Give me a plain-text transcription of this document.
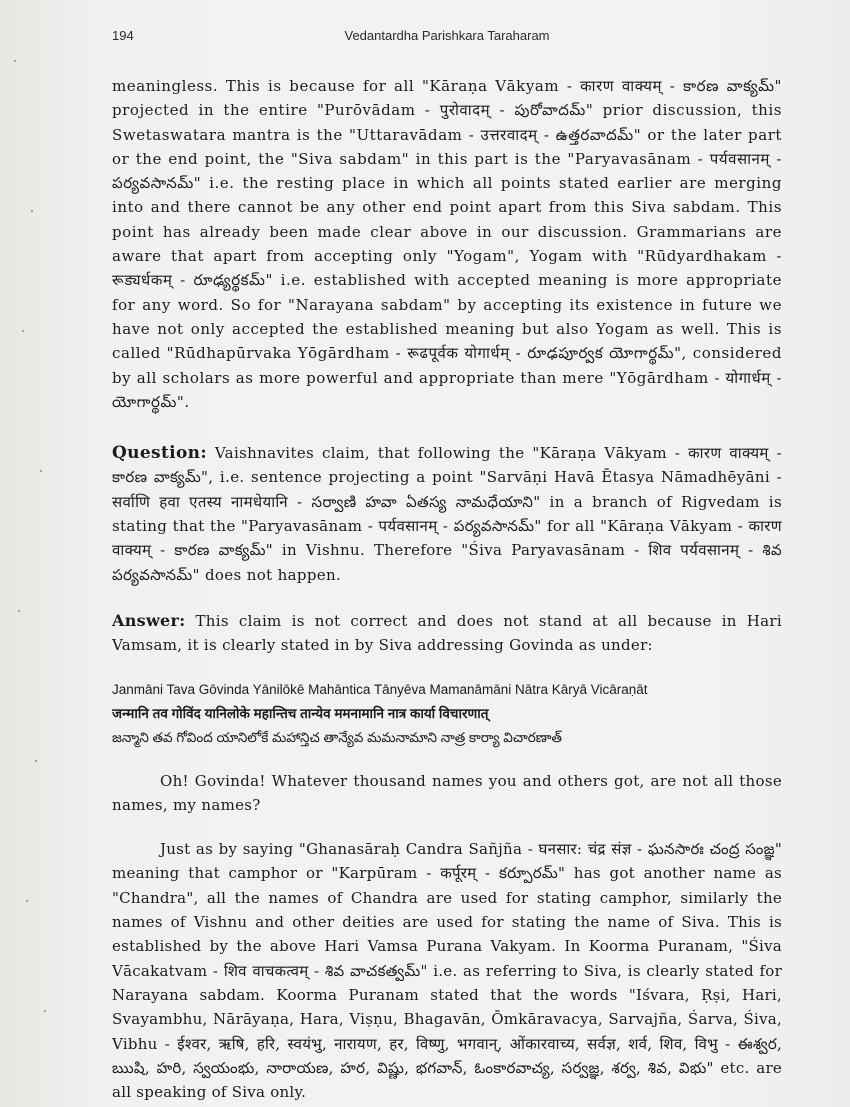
194	Vedantardha Parishkara Taraharam

meaningless. This is because for all "Kāraṇa Vākyam - कारण वाक्यम् - కారణ వాక్యమ్" projected in the entire "Purōvādam - पुरोवादम् - పురోవాదమ్" prior discussion, this Swetaswatara mantra is the "Uttaravādam - उत्तरवादम् - ఉత్తరవాదమ్" or the later part or the end point, the "Siva sabdam" in this part is the "Paryavasānam - पर्यवसानम् - పర్యవసానమ్" i.e. the resting place in which all points stated earlier are merging into and there cannot be any other end point apart from this Siva sabdam. This point has already been made clear above in our discussion. Grammarians are aware that apart from accepting only "Yogam", Yogam with "Rūdyardhakam - रूड्यर्धकम् - రూఢ్యర్థకమ్" i.e. established with accepted meaning is more appropriate for any word. So for "Narayana sabdam" by accepting its existence in future we have not only accepted the established meaning but also Yogam as well. This is called "Rūdhapūrvaka Yōgārdham - रूढपूर्वक योगार्धम् - రూఢపూర్వక యోగార్థమ్", considered by all scholars as more powerful and appropriate than mere "Yōgārdham - योगार्धम् - యోగార్థమ్".

Question: Vaishnavites claim, that following the "Kāraṇa Vākyam - कारण वाक्यम् - కారణ వాక్యమ్", i.e. sentence projecting a point "Sarvāṇi Havā Ētasya Nāmadhēyāni - सर्वाणि हवा एतस्य नामधेयानि - సర్వాణి హవా ఏతస్య నామధేయాని" in a branch of Rigvedam is stating that the "Paryavasānam - पर्यवसानम् - పర్యవసానమ్" for all "Kāraṇa Vākyam - कारण वाक्यम् - కారణ వాక్యమ్" in Vishnu. Therefore "Śiva Paryavasānam - शिव पर्यवसानम् - శివ పర్యవసానమ్" does not happen.

Answer: This claim is not correct and does not stand at all because in Hari Vamsam, it is clearly stated in by Siva addressing Govinda as under:

Janmāni Tava Gōvinda Yānilōkē Mahāntica Tānyēva Mamanāmāni Nātra Kāryā Vicāraṇāt
जन्मानि तव गोविंद यानिलोके महान्तिच तान्येव ममनामानि नात्र कार्या विचारणात्
జన్మాని తవ గోవింద యానిలోకే మహాన్తిచ తాన్యేవ మమనామాని నాత్ర కార్యా విచారణాత్

Oh! Govinda! Whatever thousand names you and others got, are not all those names, my names?

Just as by saying "Ghanasāraḥ Candra Sañjña - घनसार: चंद्र संज्ञ - ఘనసారః చంద్ర సంజ్ఞ" meaning that camphor or "Karpūram - कर्पूरम् - కర్పూరమ్" has got another name as "Chandra", all the names of Chandra are used for stating camphor, similarly the names of Vishnu and other deities are used for stating the name of Siva. This is established by the above Hari Vamsa Purana Vakyam. In Koorma Puranam, "Śiva Vācakatvam - शिव वाचकत्वम् - శివ వాచకత్వమ్" i.e. as referring to Siva, is clearly stated for Narayana sabdam. Koorma Puranam stated that the words "Iśvara, Ṛṣi, Hari, Svayambhu, Nārāyaṇa, Hara, Viṣṇu, Bhagavān, Ōmkāravacya, Sarvajña, Śarva, Śiva, Vibhu - ईश्वर, ऋषि, हरि, स्वयंभु, नारायण, हर, विष्णु, भगवान्, ओंकारवाच्य, सर्वज्ञ, शर्व, शिव, विभु - ఈశ్వర, ఋషి, హరి, స్వయంభు, నారాయణ, హర, విష్ణు, భగవాన్, ఓంకారవాచ్య, సర్వజ్ఞ, శర్వ, శివ, విభు" etc. are all speaking of Siva only.
